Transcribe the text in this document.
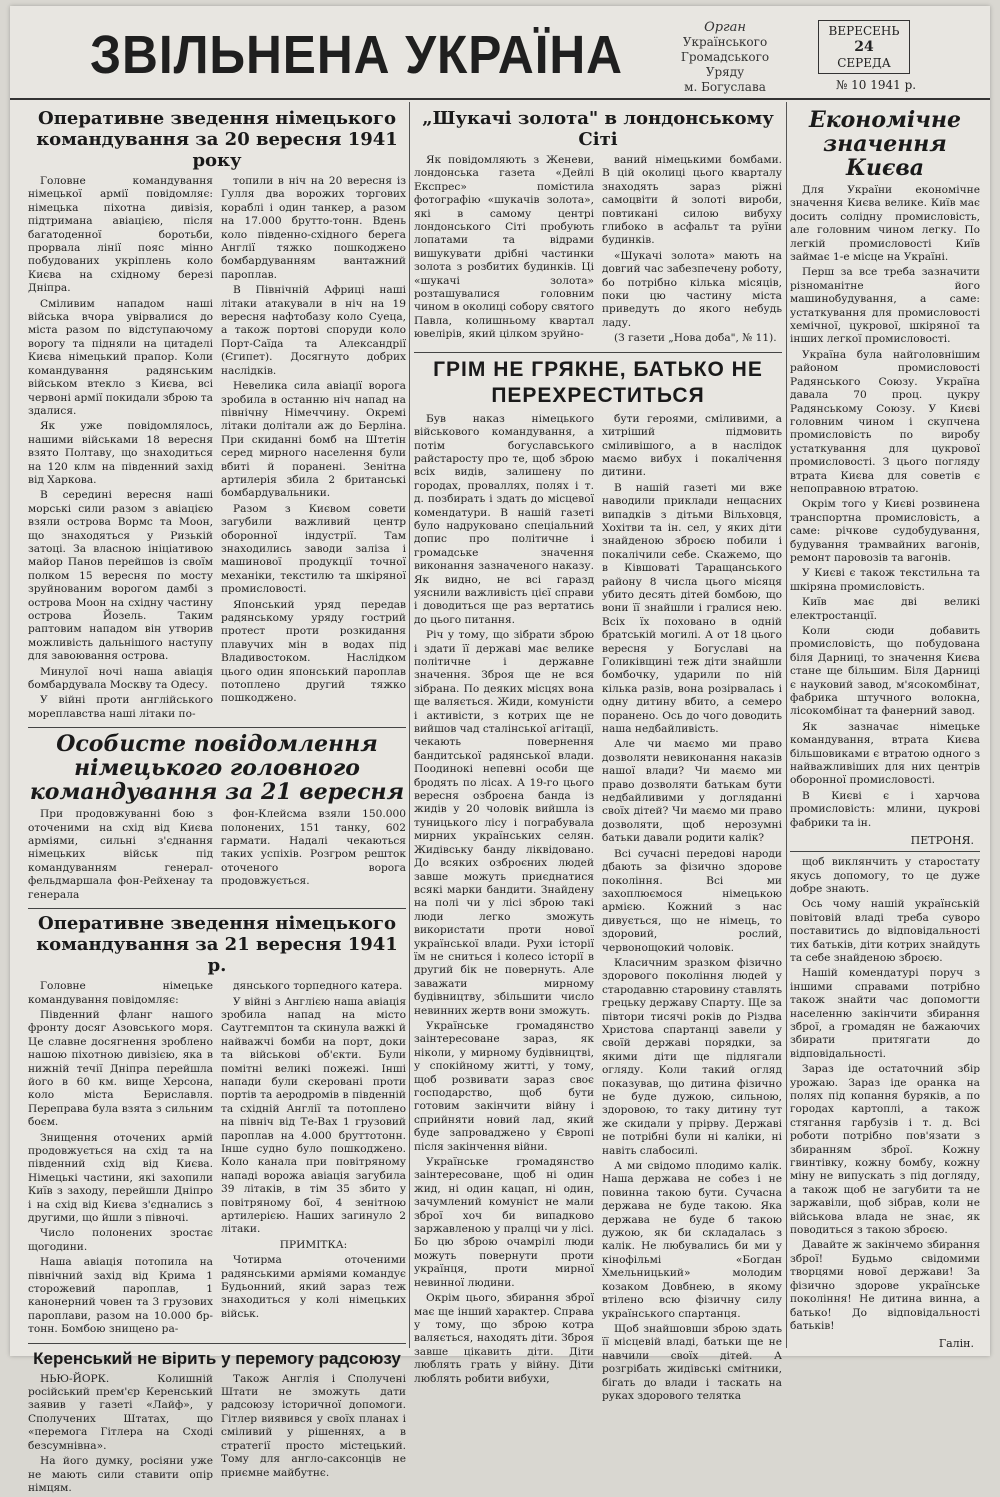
ЗВІЛЬНЕНА УКРАЇНА	Орган
Українського
Громадського
Уряду
м. Богуслава
ВЕРЕСЕНЬ
24
СЕРЕДА
№ 10 1941 р.
Оперативне зведення німецького командування за 20 вересня 1941 року

Головне командування німецької армії повідомляє: німецька піхотна дивізія, підтримана авіацією, після багатоденної боротьби, прорвала лінії пояс мінно побудованих укріплень коло Києва на східному березі Дніпра.

Сміливим нападом наші війська вчора увірвалися до міста разом по відступаючому ворогу та підняли на цитаделі Києва німецький прапор. Коли командування радянським військом втекло з Києва, всі червоні армії покидали зброю та здалися.

Як уже повідомлялось, нашими військами 18 вересня взято Полтаву, що знаходиться на 120 клм на південний захід від Харкова.

В середині вересня наші морські сили разом з авіацією взяли острова Вормс та Моон, що знаходяться у Ризькій затоці. За власною ініціативою майор Панов перейшов із своїм полком 15 вересня по мосту зруйнованим ворогом дамбі з острова Моон на східну частину острова Йозель. Таким раптовим нападом він утворив можливість дальнішого наступу для завоювання острова.

Минулої ночі наша авіація бомбардувала Москву та Одесу.

У війні проти англійського мореплавства наші літаки по-

топили в ніч на 20 вересня із Гулля два ворожих торгових кораблі і один танкер, а разом на 17.000 брутто-тонн. Вдень коло південно-східного берега Англії тяжко пошкоджено бомбардуванням вантажний пароплав.

В Північній Африці наші літаки атакували в ніч на 19 вересня нафтобазу коло Суеца, а також портові споруди коло Порт-Саїда та Александрії (Єгипет). Досягнуто добрих наслідків.

Невелика сила авіації ворога зробила в останню ніч напад на північну Німеччину. Окремі літаки долітали аж до Берліна. При скиданні бомб на Штетін серед мирного населення були вбиті й поранені. Зенітна артилерія збила 2 британські бомбардувальники.

Разом з Києвом совети загубили важливий центр оборонної індустрії. Там знаходились заводи заліза і машинової продукції точної механіки, текстилю та шкіряної промисловості.

Японський уряд передав радянському уряду гострий протест проти розкидання плавучих мін в водах під Владивостоком. Наслідком цього один японський пароплав потоплено другий тяжко пошкоджено.

Особисте повідомлення німецького головного командування за 21 вересня

При продовжуванні бою з оточеними на схід від Києва арміями, сильні з'єднання німецьких військ під командуванням генерал-фельдмаршала фон-Рейхенау та генерала

фон-Клейсма взяли 150.000 полонених, 151 танку, 602 гармати. Надалі чекаються таких успіхів. Розгром решток оточеного ворога продовжується.

Оперативне зведення німецького командування за 21 вересня 1941 р.

Головне німецьке командування повідомляє:

Південний фланг нашого фронту досяг Азовського моря. Це славне досягнення зроблено нашою піхотною дивізією, яка в нижній течії Дніпра перейшла його в 60 км. вище Херсона, коло міста Бериславля. Переправа була взята з сильним боєм.

Знищення оточених армій продовжується на схід та на південний схід від Києва. Німецькі частини, які захопили Київ з заходу, перейшли Дніпро і на схід від Києва з'єднались з другими, що йшли з півночі.

Число полонених зростає щогодини.

Наша авіація потопила на північний захід від Крима 1 сторожевий пароплав, 1 канонерний човен та 3 грузових пароплави, разом на 10.000 бр-тонн. Бомбою знищено ра-

дянського торпедного катера.

У війні з Англією наша авіація зробила напад на місто Саутгемптон та скинула важкі й найважчі бомби на порт, доки та військові об'єкти. Були помітні великі пожежі. Інші напади були скеровані проти портів та аеродромів в південній та східній Англії та потоплено на північ від Те-Вах 1 грузовий пароплав на 4.000 бруттотонн. Інше судно було пошкоджено. Коло канала при повітряному нападі ворожа авіація загубила 39 літаків, в тім 35 збито у повітряному бої, 4 зенітною артилерією. Наших загинуло 2 літаки.

ПРИМІТКА:

Чотирма оточеними радянськими арміями командує Будьонний, який зараз теж знаходиться у колі німецьких військ.

Керенський не вірить у перемогу радсоюзу

НЬЮ-ЙОРК. Колишній російський прем'єр Керенський заявив у газеті «Лайф», у Сполучених Штатах, що «перемога Гітлера на Сході безсумнівна».

На його думку, росіяни уже не мають сили ставити опір німцям.

Також Англія і Сполучені Штати не зможуть дати радсоюзу історичної допомоги. Гітлер виявився у своїх планах і сміливий у рішеннях, а в стратегії просто містецький. Тому для англо-саксонців не приємне майбутнє.

„Шукачі золота" в лондонському Сіті

Як повідомляють з Женеви, лондонська газета «Дейлі Експрес» помістила фотографію «шукачів золота», які в самому центрі лондонського Сіті пробують лопатами та відрами вишукувати дрібні частинки золота з розбитих будинків. Ці «шукачі золота» розташувалися головним чином в околиці собору святого Павла, колишньому квартал ювелірів, який цілком зруйно-

ваний німецькими бомбами. В цій околиці цього кварталу знаходять зараз ріжні самоцвіти й золоті вироби, повтикані силою вибуху глибоко в асфальт та руїни будинків.

«Шукачі золота» мають на довгий час забезпечену роботу, бо потрібно кілька місяців, поки цю частину міста приведуть до якого небудь ладу.

(З газети „Нова доба", № 11).

ГРІМ НЕ ГРЯКНЕ, БАТЬКО НЕ ПЕРЕХРЕСТИТЬСЯ

Був наказ німецького військового командування, а потім богуславського райстаросту про те, щоб зброю всіх видів, залишену по городах, проваллях, полях і т. д. позбирать і здать до місцевої комендатури. В нашій газеті було надруковано спеціальний допис про політичне і громадське значення виконання зазначеного наказу. Як видно, не всі гаразд уяснили важливість цієї справи і доводиться ще раз вертатись до цього питання.

Річ у тому, що зібрати зброю і здати її державі має велике політичне і державне значення. Зброя ще не вся зібрана. По деяких місцях вона ще валяється. Жиди, комуністи і активісти, з котрих ще не вийшов чад сталінської агітації, чекають повернення бандитської радянської влади. Поодинокі непевні особи ще бродять по лісах. А 19-го цього вересня озброєна банда із жидів у 20 чоловік вийшла із туницького лісу і пограбувала мирних українських селян. Жидівську банду ліквідовано. До всяких озброєних людей завше можуть приєднатися всякі марки бандити. Знайдену на полі чи у лісі зброю такі люди легко зможуть використати проти нової української влади. Рухи історії їм не сниться і колесо історії в другий бік не повернуть. Але заважати мирному будівництву, збільшити число невинних жертв вони зможуть.

Українське громадянство заінтересоване зараз, як ніколи, у мирному будівництві, у спокійному житті, у тому, щоб розвивати зараз своє господарство, щоб бути готовим закінчити війну і сприйняти новий лад, який буде запроваджено у Європі після закінчення війни.

Українське громадянство заінтересоване, щоб ні один жид, ні один кацап, ні один, зачумлений комуніст не мали зброї хоч би випадково заржавленою у пралці чи у лісі. Бо цю зброю очамрілі люди можуть повернути проти українця, проти мирної невинної людини.

Окрім цього, збирання зброї має ще інший характер. Справа у тому, що зброю котра валяється, находять діти. Зброя завше цікавить діти. Діти люблять грать у війну. Діти люблять робити вибухи,

бути героями, сміливими, а хитріший підмовить сміливішого, а в наслідок маємо вибух і покалічення дитини.

В нашій газеті ми вже наводили приклади нещасних випадків з дітьми Вільховця, Хохітви та ін. сел, у яких діти знайденою зброєю побили і покалічили себе. Скажемо, що в Ківшоваті Таращанського району 8 числа цього місяця убито десять дітей бомбою, що вони її знайшли і гралися нею. Всіх їх поховано в одній братській могилі. А от 18 цього вересня у Богуславі на Голиківщині теж діти знайшли бомбочку, ударили по ній кілька разів, вона розірвалась і одну дитину вбито, а семеро поранено. Ось до чого доводить наша недбайливість.

Але чи маємо ми право дозволяти невиконання наказів нашої влади? Чи маємо ми право дозволяти батькам бути недбайливими у догляданні своїх дітей? Чи маємо ми право дозволяти, щоб нерозумні батьки давали родити калік?

Всі сучасні передові народи дбають за фізично здорове покоління. Всі ми захоплюємося німецькою армією. Кожний з нас дивується, що не німець, то здоровий, рослий, червонощокий чоловік.

Класичним зразком фізично здорового покоління людей у стародавню старовину ставлять грецьку державу Спарту. Ще за півтори тисячі років до Різдва Христова спартанці завели у своїй державі порядки, за якими діти ще підлягали огляду. Коли такий огляд показував, що дитина фізично не буде дужою, сильною, здоровою, то таку дитину тут же скидали у прірву. Державі не потрібні були ні каліки, ні навіть слабосилі.

А ми свідомо плодимо калік. Наша держава не собез і не повинна такою бути. Сучасна держава не буде такою. Яка держава не буде б такою дужою, як би складалась з калік. Не любувались би ми у кінофільмі «Богдан Хмельницький» молодим козаком Довбнею, в якому втілено всю фізичну силу українського спартанця.

Щоб знайшовши зброю здать її місцевій владі, батьки ще не навчили своїх дітей. А розгрібать жидівські смітники, бігать до влади і таскать на руках здорового телятка

Економічне значення Києва

Для України економічне значення Києва велике. Київ має досить солідну промисловість, але головним чином легку. По легкій промисловості Київ займає 1-е місце на Україні.

Перш за все треба зазначити різноманітне його машинобудування, а саме: устаткування для промисловості хемічної, цукрової, шкіряної та інших легкої промисловості.

Україна була найголовнішим районом промисловості Радянського Союзу. Україна давала 70 проц. цукру Радянському Союзу. У Києві головним чином і скупчена промисловість по виробу устаткування для цукрової промисловості. З цього погляду втрата Києва для советів є непоправною втратою.

Окрім того у Києві розвинена транспортна промисловість, а саме: річкове судобудування, будування трамвайних вагонів, ремонт паровозів та вагонів.

У Києві є також текстильна та шкіряна промисловість.

Київ має дві великі електростанції.

Коли сюди добавить промисловість, що побудована біля Дарниці, то значення Києва стане ще більшим. Біля Дарниці є науковий завод, м'ясокомбінат, фабрика штучного волокна, лісокомбінат та фанерний завод.

Як зазначає німецьке командування, втрата Києва більшовиками є втратою одного з найважливіших для них центрів оборонної промисловості.

В Києві є і харчова промисловість: млини, цукрові фабрики та ін.

ПЕТРОНЯ.

щоб виклянчить у старостату якусь допомогу, то це дуже добре знають.

Ось чому нашій українській повітовій владі треба суворо поставитись до відповідальності тих батьків, діти котрих знайдуть та себе знайденою зброєю.

Нашій комендатурі поруч з іншими справами потрібно також знайти час допомогти населенню закінчити збирання зброї, а громадян не бажаючих збирати притягати до відповідальності.

Зараз іде остаточний збір урожаю. Зараз іде оранка на полях під копання буряків, а по городах картоплі, а також стягання гарбузів і т. д. Всі роботи потрібно пов'язати з збиранням зброї. Кожну гвинтівку, кожну бомбу, кожну міну не випускать з під догляду, а також щоб не загубити та не заржавіли, щоб зібрав, коли не військова влада не знає, як поводиться з такою зброєю.

Давайте ж закінчемо збирання зброї! Будьмо свідомими творцями нової держави! За фізично здорове українське покоління! Не дитина винна, а батько! До відповідальності батьків!

Галін.
